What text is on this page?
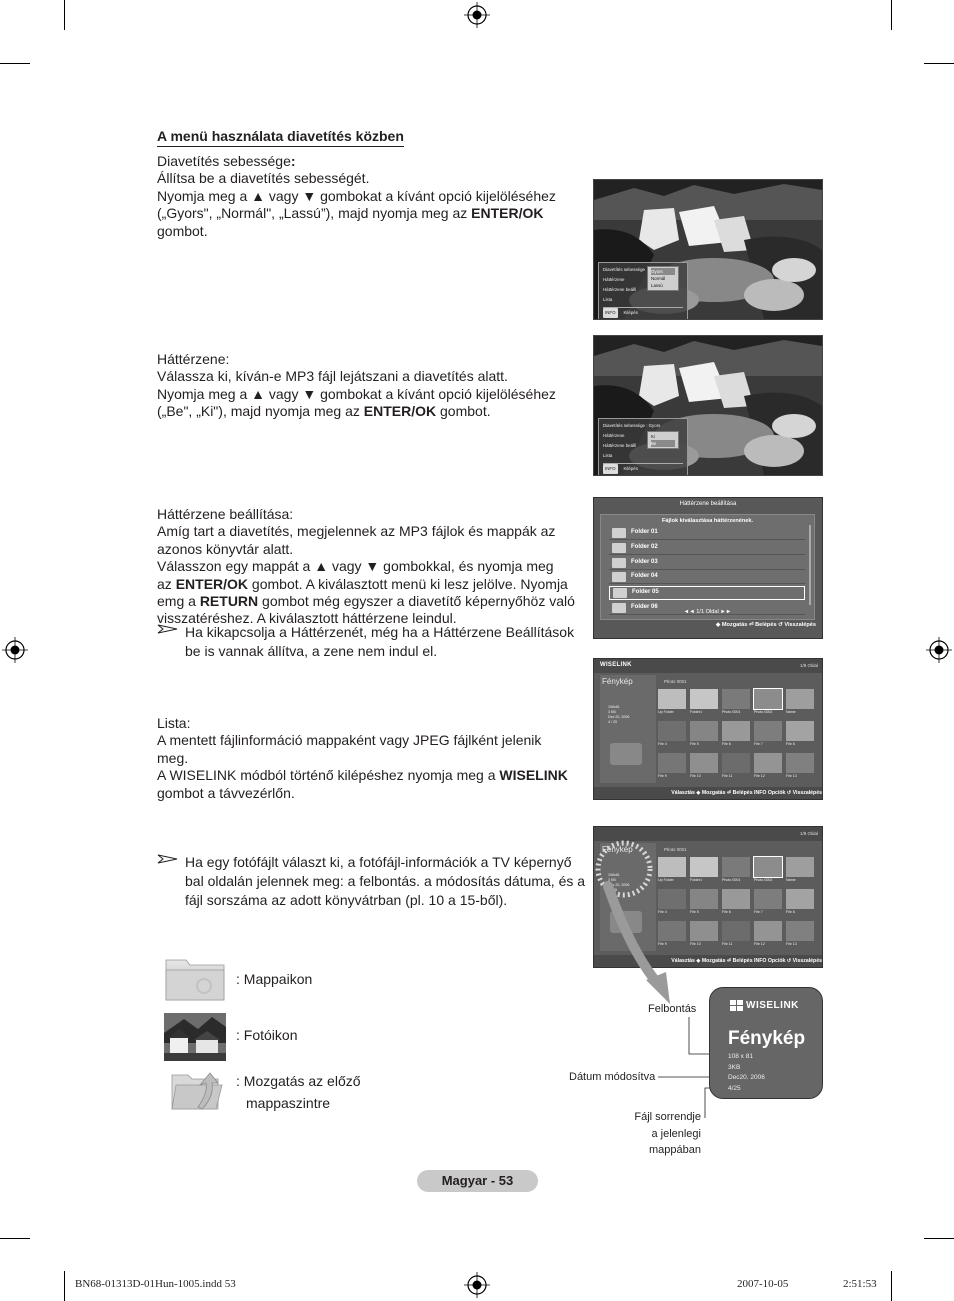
A menü használata diavetítés közben
Diavetítés sebessége:
Állítsa be a diavetítés sebességét.
Nyomja meg a ▲ vagy ▼ gombokat a kívánt opció kijelöléséhez
(„Gyors", „Normál", „Lassú”), majd nyomja meg az ENTER/OK
gombot.
Diavetítés sebessége
Háttérzene
Háttérzene beállí
Lista
INFO Kilépés
Gyors
Normál
Lassú
Háttérzene:
Válassza ki, kíván-e MP3 fájl lejátszani a diavetítés alatt.
Nyomja meg a ▲ vagy ▼ gombokat a kívánt opció kijelöléséhez
(„Be", „Ki"), majd nyomja meg az ENTER/OK gombot.
Diavetítés sebessége : Gyors
Háttérzene
Háttérzene beállí
Lista
INFO Kilépés
Ki
Be
Háttérzene beállítása:
Amíg tart a diavetítés, megjelennek az MP3 fájlok és mappák az
azonos könyvtár alatt.
Válasszon egy mappát a ▲ vagy ▼ gombokkal, és nyomja meg
az ENTER/OK gombot. A kiválasztott menü ki lesz jelölve. Nyomja
emg a RETURN gombot még egyszer a diavetítő képernyőhöz való
visszatéréshez. A kiválasztott háttérzene leindul.
Ha kikapcsolja a Háttérzenét, még ha a Háttérzene Beállítások be is vannak állítva, a zene nem indul el.
Háttérzene beállítása
Fájlok kiválasztása háttérzenének.
Folder 01
Folder 02
Folder 03
Folder 04
Folder 05
Folder 06
◄◄ 1/1 Oldal ►►
◆ Mozgatás ⏎ Belépés ↺ Visszalépés
Lista:
A mentett fájlinformáció mappaként vagy JPEG fájlként jelenik
meg.
A WISELINK módból történő kilépéshez nyomja meg a WISELINK
gombot a távvezérlőn.
Ha egy fotófájlt választ ki, a fotófájl-információk a TV képernyő bal oldalán jelennek meg: a felbontás. a módosítás dátuma, és a fájl sorszáma az adott könyvátrban (pl. 10 a 15-ből).
WISELINK	1/8 Oldal
Fénykép
108x81
3 KB
Dec 20, 2006
4 / 25
Photo 0001
Up Folder	Folder1	Photo 0001	Photo 0002	Name
File 4	File 5	File 6	File 7	File 8
File 9	File 10	File 11	File 12	File 13
Választás ◆ Mozgatás ⏎ Belépés INFO Opciók ↺ Visszalépés
1/8 Oldal
Fénykép
108x81
3 KB
Dec 20, 2006
4 / 25
Photo 0001
Up Folder	Folder1	Photo 0001	Photo 0002	Name
File 4	File 5	File 6	File 7	File 8
File 9	File 10	File 11	File 12	File 13
Választás ◆ Mozgatás ⏎ Belépés INFO Opciók ↺ Visszalépés
: Mappaikon
: Fotóikon
: Mozgatás az előző
mappaszintre
Felbontás
Dátum módosítva
Fájl sorrendje
a jelenlegi
mappában
WISELINK
Fénykép
108 x 81
3KB
Dec20. 2006
4/25
Magyar - 53
BN68-01313D-01Hun-1005.indd 53	2007-10-05	2:51:53
